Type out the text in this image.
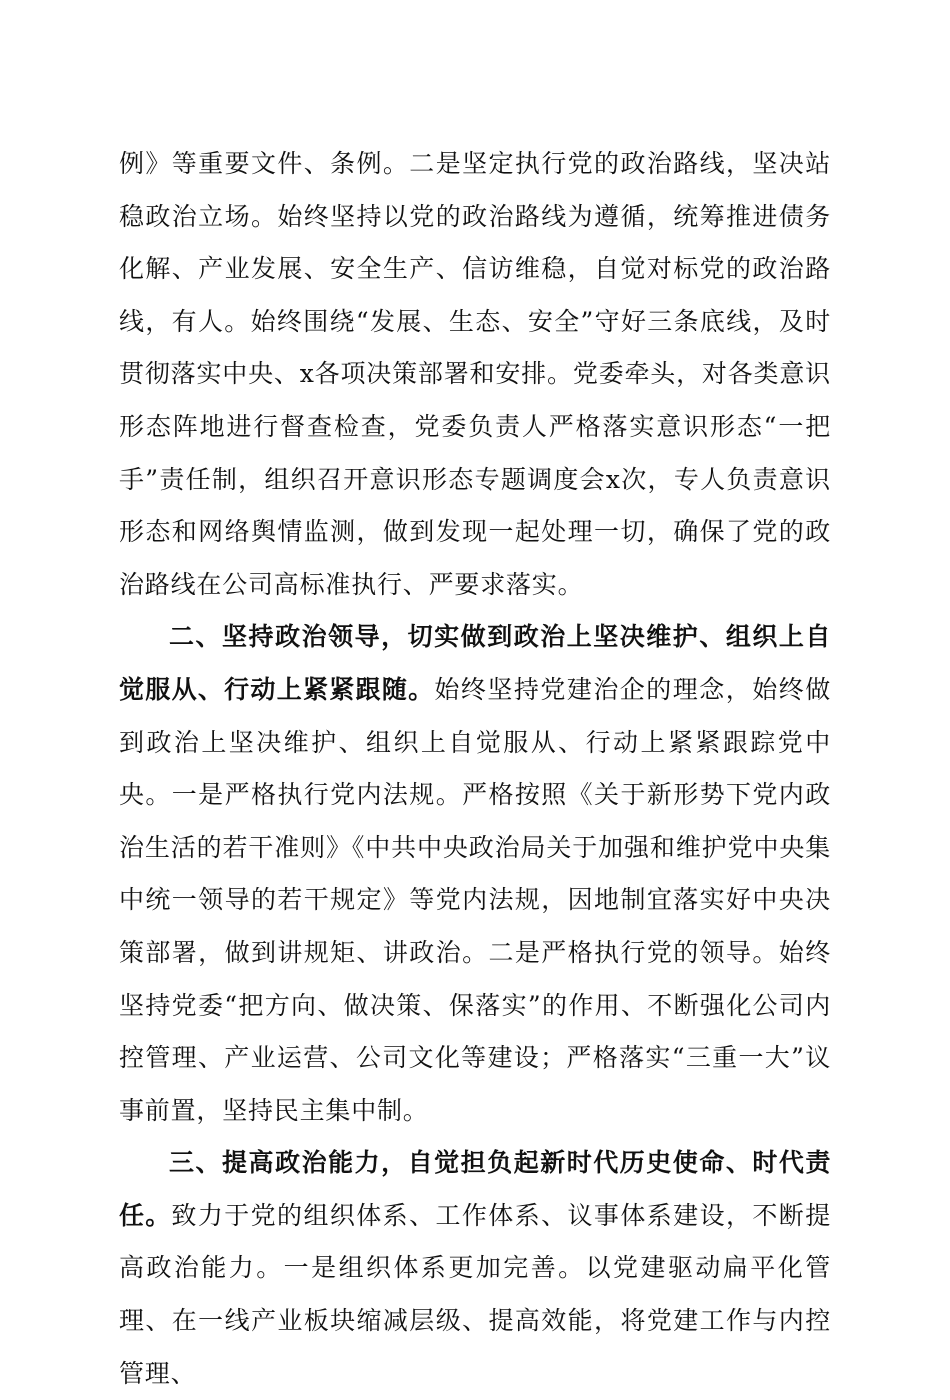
例》等重要文件、条例。二是坚定执行党的政治路线，坚决站稳政治立场。始终坚持以党的政治路线为遵循，统筹推进债务化解、产业发展、安全生产、信访维稳，自觉对标党的政治路线，有人。始终围绕“发展、生态、安全”守好三条底线，及时贯彻落实中央、x各项决策部署和安排。党委牵头，对各类意识形态阵地进行督查检查，党委负责人严格落实意识形态“一把手”责任制，组织召开意识形态专题调度会x次，专人负责意识形态和网络舆情监测，做到发现一起处理一切，确保了党的政治路线在公司高标准执行、严要求落实。

二、坚持政治领导，切实做到政治上坚决维护、组织上自觉服从、行动上紧紧跟随。始终坚持党建治企的理念，始终做到政治上坚决维护、组织上自觉服从、行动上紧紧跟踪党中央。一是严格执行党内法规。严格按照《关于新形势下党内政治生活的若干准则》《中共中央政治局关于加强和维护党中央集中统一领导的若干规定》等党内法规，因地制宜落实好中央决策部署，做到讲规矩、讲政治。二是严格执行党的领导。始终坚持党委“把方向、做决策、保落实”的作用、不断强化公司内控管理、产业运营、公司文化等建设；严格落实“三重一大”议事前置，坚持民主集中制。

三、提高政治能力，自觉担负起新时代历史使命、时代责任。致力于党的组织体系、工作体系、议事体系建设，不断提高政治能力。一是组织体系更加完善。以党建驱动扁平化管理、在一线产业板块缩减层级、提高效能，将党建工作与内控管理、
